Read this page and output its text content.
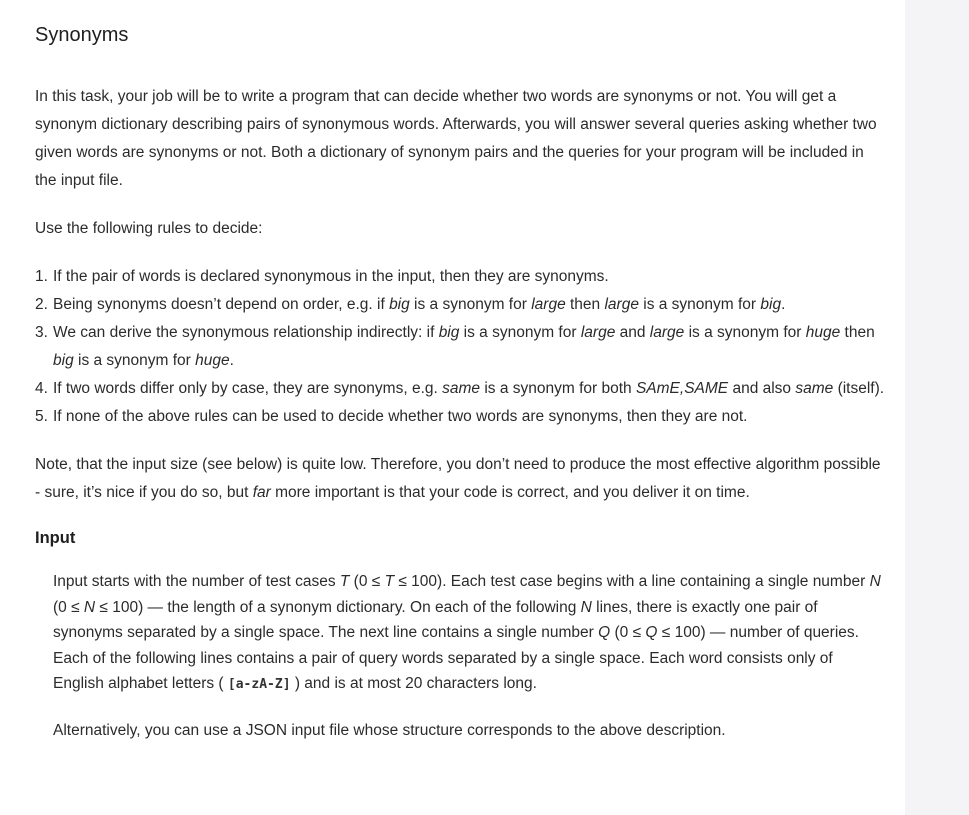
Synonyms

In this task, your job will be to write a program that can decide whether two words are synonyms or not. You will get a synonym dictionary describing pairs of synonymous words. Afterwards, you will answer several queries asking whether two given words are synonyms or not. Both a dictionary of synonym pairs and the queries for your program will be included in the input file.

Use the following rules to decide:

1. If the pair of words is declared synonymous in the input, then they are synonyms.
2. Being synonyms doesn’t depend on order, e.g. if big is a synonym for large then large is a synonym for big.
3. We can derive the synonymous relationship indirectly: if big is a synonym for large and large is a synonym for huge then big is a synonym for huge.
4. If two words differ only by case, they are synonyms, e.g. same is a synonym for both SAmE,SAME and also same (itself).
5. If none of the above rules can be used to decide whether two words are synonyms, then they are not.

Note, that the input size (see below) is quite low. Therefore, you don’t need to produce the most effective algorithm possible - sure, it’s nice if you do so, but far more important is that your code is correct, and you deliver it on time.

Input

Input starts with the number of test cases T (0 ≤ T ≤ 100). Each test case begins with a line containing a single number N (0 ≤ N ≤ 100) — the length of a synonym dictionary. On each of the following N lines, there is exactly one pair of synonyms separated by a single space. The next line contains a single number Q (0 ≤ Q ≤ 100) — number of queries. Each of the following lines contains a pair of query words separated by a single space. Each word consists only of English alphabet letters ( [a-zA-Z] ) and is at most 20 characters long.

Alternatively, you can use a JSON input file whose structure corresponds to the above description.
